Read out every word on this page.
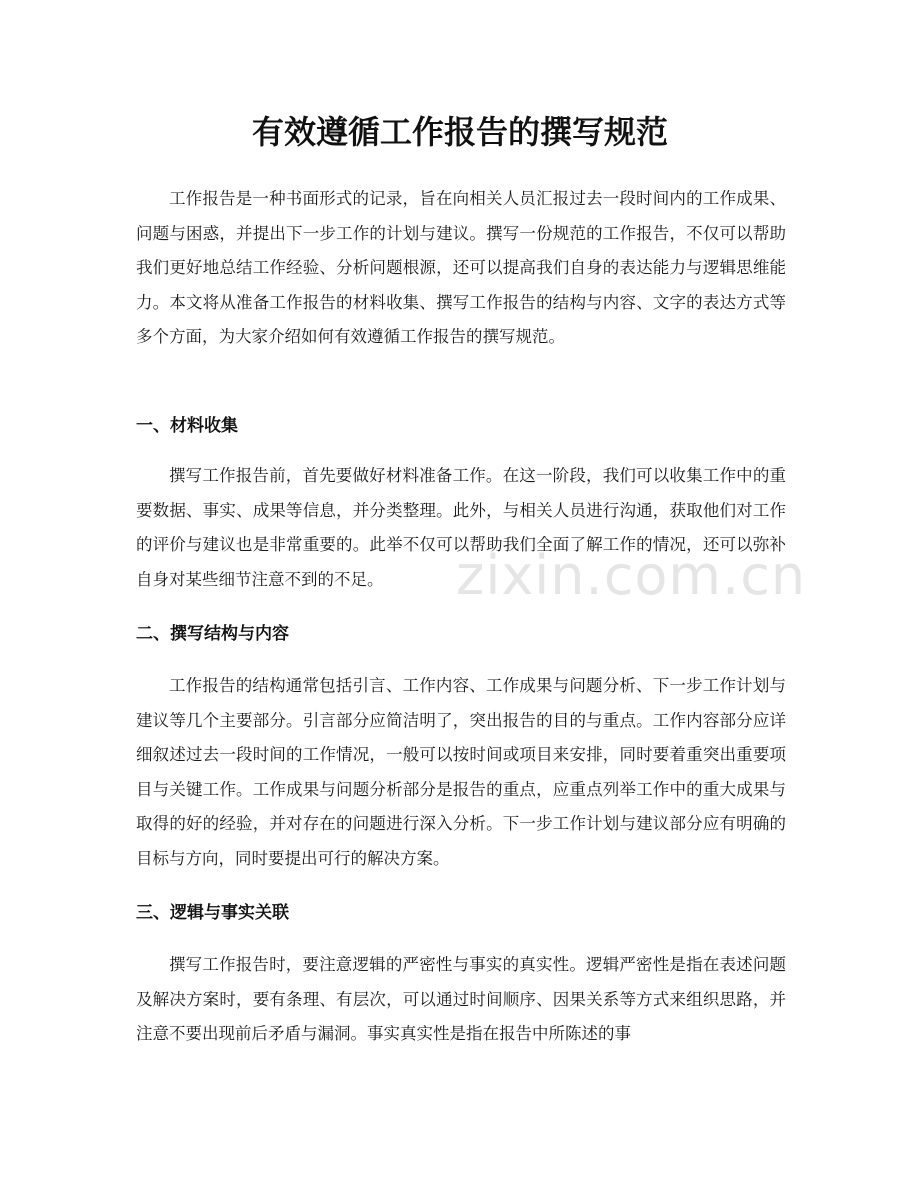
有效遵循工作报告的撰写规范

工作报告是一种书面形式的记录，旨在向相关人员汇报过去一段时间内的工作成果、问题与困惑，并提出下一步工作的计划与建议。撰写一份规范的工作报告，不仅可以帮助我们更好地总结工作经验、分析问题根源，还可以提高我们自身的表达能力与逻辑思维能力。本文将从准备工作报告的材料收集、撰写工作报告的结构与内容、文字的表达方式等多个方面，为大家介绍如何有效遵循工作报告的撰写规范。

一、材料收集

撰写工作报告前，首先要做好材料准备工作。在这一阶段，我们可以收集工作中的重要数据、事实、成果等信息，并分类整理。此外，与相关人员进行沟通，获取他们对工作的评价与建议也是非常重要的。此举不仅可以帮助我们全面了解工作的情况，还可以弥补自身对某些细节注意不到的不足。

二、撰写结构与内容

工作报告的结构通常包括引言、工作内容、工作成果与问题分析、下一步工作计划与建议等几个主要部分。引言部分应简洁明了，突出报告的目的与重点。工作内容部分应详细叙述过去一段时间的工作情况，一般可以按时间或项目来安排，同时要着重突出重要项目与关键工作。工作成果与问题分析部分是报告的重点，应重点列举工作中的重大成果与取得的好的经验，并对存在的问题进行深入分析。下一步工作计划与建议部分应有明确的目标与方向，同时要提出可行的解决方案。

三、逻辑与事实关联

撰写工作报告时，要注意逻辑的严密性与事实的真实性。逻辑严密性是指在表述问题及解决方案时，要有条理、有层次，可以通过时间顺序、因果关系等方式来组织思路，并注意不要出现前后矛盾与漏洞。事实真实性是指在报告中所陈述的事

zixin.com.cn
